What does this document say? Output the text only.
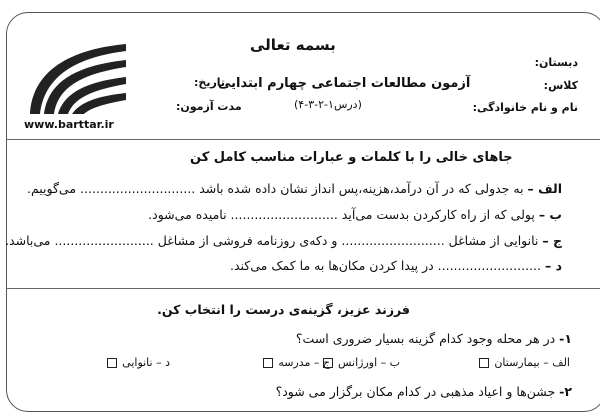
www.barttar.ir
بسمه تعالی
دبستان:
کلاس:
نام و نام خانوادگی:
آزمون مطالعات اجتماعی چهارم ابتدایی
(درس۱-۲-۳-۴)
تاریخ:
مدت آزمون:
جاهای خالی را با کلمات و عبارات مناسب کامل کن
الف – به جدولی که در آن درآمد،هزینه،پس انداز نشان داده شده باشد ............................. می‌گوییم.
ب – پولی که از راه کارکردن بدست می‌آید ........................... نامیده می‌شود.
ج – نانوایی از مشاغل .......................... و دکه‌ی روزنامه فروشی از مشاغل ......................... می‌باشد.
د – .......................... در پیدا کردن مکان‌ها به ما کمک می‌کند.
فرزند عزیز، گزینه‌ی درست را انتخاب کن.
۱- در هر محله وجود کدام گزینه بسیار ضروری است؟
الف – بیمارستان
ب – اورژانس
ج – مدرسه
د – نانوایی
۲- جشن‌ها و اعیاد مذهبی در کدام مکان برگزار می شود؟
